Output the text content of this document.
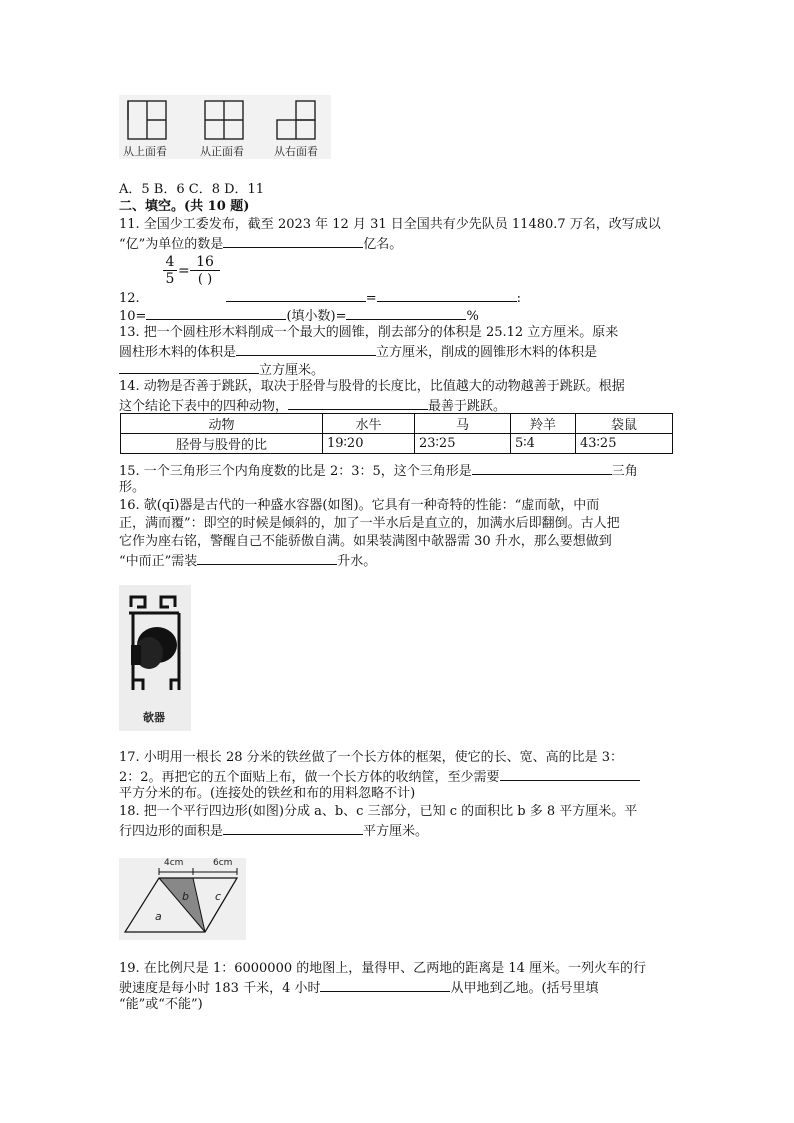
从上面看	从正面看	从右面看
A．5 B．6 C．8 D．11
二、填空。(共 10 题)
11. 全国少工委发布，截至 2023 年 12 月 31 日全国共有少先队员 11480.7 万名，改写成以
“亿”为单位的数是	亿名。
4
5 =
16
( )
12.	=	:
10=	(填小数)=	%
13. 把一个圆柱形木料削成一个最大的圆锥，削去部分的体积是 25.12 立方厘米。原来
圆柱形木料的体积是	立方厘米，削成的圆锥形木料的体积是
立方厘米。
14. 动物是否善于跳跃，取决于胫骨与股骨的长度比，比值越大的动物越善于跳跃。根据
这个结论下表中的四种动物，	最善于跳跃。
动物	水牛	马	羚羊	袋鼠
胫骨与股骨的比	19∶20	23∶25	5∶4	43∶25
15. 一个三角形三个内角度数的比是 2：3：5，这个三角形是	三角
形。
16. 欹(qī)器是古代的一种盛水容器(如图)。它具有一种奇特的性能：“虚而欹，中而
正，满而覆”：即空的时候是倾斜的，加了一半水后是直立的，加满水后即翻倒。古人把
它作为座右铭，警醒自己不能骄傲自满。如果装满图中欹器需 30 升水，那么要想做到
“中而正”需装	升水。
欹器
17. 小明用一根长 28 分米的铁丝做了一个长方体的框架，使它的长、宽、高的比是 3：
2：2。再把它的五个面贴上布，做一个长方体的收纳筐，至少需要
平方分米的布。(连接处的铁丝和布的用料忽略不计)
18. 把一个平行四边形(如图)分成 a、b、c 三部分，已知 c 的面积比 b 多 8 平方厘米。平
行四边形的面积是	平方厘米。
4cm	6cm
a
b c
19. 在比例尺是 1：6000000 的地图上，量得甲、乙两地的距离是 14 厘米。一列火车的行
驶速度是每小时 183 千米，4 小时	从甲地到乙地。(括号里填
“能”或“不能”)
